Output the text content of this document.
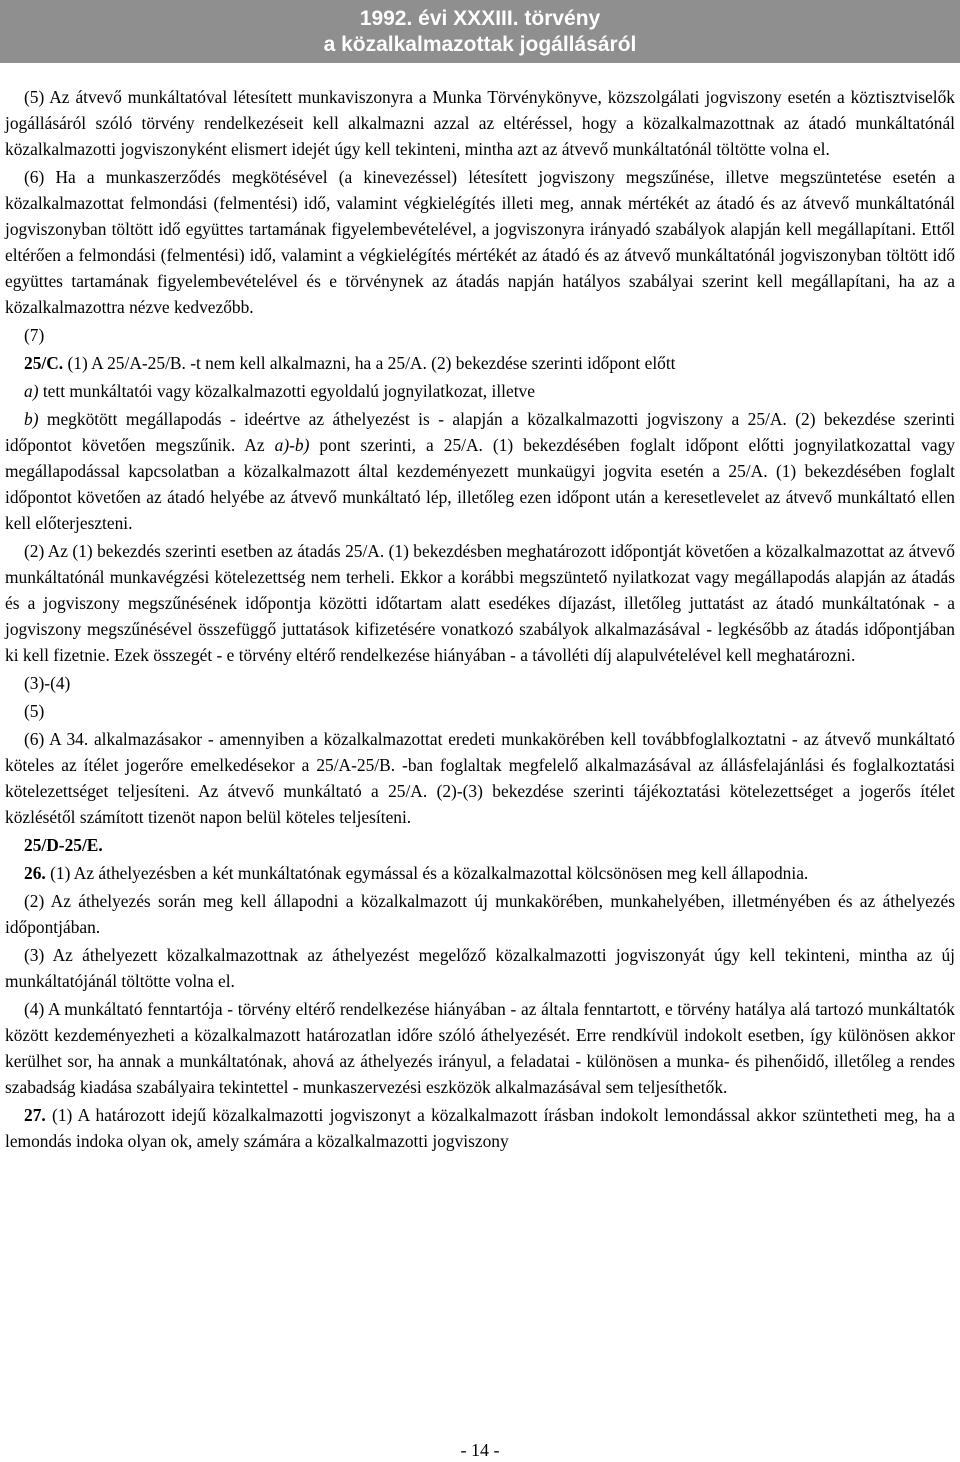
1992. évi XXXIII. törvény
a közalkalmazottak jogállásáról

(5) Az átvevő munkáltatóval létesített munkaviszonyra a Munka Törvénykönyve, közszolgálati jogviszony esetén a köztisztviselők jogállásáról szóló törvény rendelkezéseit kell alkalmazni azzal az eltéréssel, hogy a közalkalmazottnak az átadó munkáltatónál közalkalmazotti jogviszonyként elismert idejét úgy kell tekinteni, mintha azt az átvevő munkáltatónál töltötte volna el.

(6) Ha a munkaszerződés megkötésével (a kinevezéssel) létesített jogviszony megszűnése, illetve megszüntetése esetén a közalkalmazottat felmondási (felmentési) idő, valamint végkielégítés illeti meg, annak mértékét az átadó és az átvevő munkáltatónál jogviszonyban töltött idő együttes tartamának figyelembevételével, a jogviszonyra irányadó szabályok alapján kell megállapítani. Ettől eltérően a felmondási (felmentési) idő, valamint a végkielégítés mértékét az átadó és az átvevő munkáltatónál jogviszonyban töltött idő együttes tartamának figyelembevételével és e törvénynek az átadás napján hatályos szabályai szerint kell megállapítani, ha az a közalkalmazottra nézve kedvezőbb.

(7)

25/C. (1) A 25/A-25/B. -t nem kell alkalmazni, ha a 25/A. (2) bekezdése szerinti időpont előtt

a) tett munkáltatói vagy közalkalmazotti egyoldalú jognyilatkozat, illetve

b) megkötött megállapodás - ideértve az áthelyezést is - alapján a közalkalmazotti jogviszony a 25/A. (2) bekezdése szerinti időpontot követően megszűnik. Az a)-b) pont szerinti, a 25/A. (1) bekezdésében foglalt időpont előtti jognyilatkozattal vagy megállapodással kapcsolatban a közalkalmazott által kezdeményezett munkaügyi jogvita esetén a 25/A. (1) bekezdésében foglalt időpontot követően az átadó helyébe az átvevő munkáltató lép, illetőleg ezen időpont után a keresetlevelet az átvevő munkáltató ellen kell előterjeszteni.

(2) Az (1) bekezdés szerinti esetben az átadás 25/A. (1) bekezdésben meghatározott időpontját követően a közalkalmazottat az átvevő munkáltatónál munkavégzési kötelezettség nem terheli. Ekkor a korábbi megszüntető nyilatkozat vagy megállapodás alapján az átadás és a jogviszony megszűnésének időpontja közötti időtartam alatt esedékes díjazást, illetőleg juttatást az átadó munkáltatónak - a jogviszony megszűnésével összefüggő juttatások kifizetésére vonatkozó szabályok alkalmazásával - legkésőbb az átadás időpontjában ki kell fizetnie. Ezek összegét - e törvény eltérő rendelkezése hiányában - a távolléti díj alapulvételével kell meghatározni.

(3)-(4)

(5)

(6) A 34. alkalmazásakor - amennyiben a közalkalmazottat eredeti munkakörében kell továbbfoglalkoztatni - az átvevő munkáltató köteles az ítélet jogerőre emelkedésekor a 25/A-25/B. -ban foglaltak megfelelő alkalmazásával az állásfelajánlási és foglalkoztatási kötelezettséget teljesíteni. Az átvevő munkáltató a 25/A. (2)-(3) bekezdése szerinti tájékoztatási kötelezettséget a jogerős ítélet közlésétől számított tizenöt napon belül köteles teljesíteni.

25/D-25/E.

26. (1) Az áthelyezésben a két munkáltatónak egymással és a közalkalmazottal kölcsönösen meg kell állapodnia.

(2) Az áthelyezés során meg kell állapodni a közalkalmazott új munkakörében, munkahelyében, illetményében és az áthelyezés időpontjában.

(3) Az áthelyezett közalkalmazottnak az áthelyezést megelőző közalkalmazotti jogviszonyát úgy kell tekinteni, mintha az új munkáltatójánál töltötte volna el.

(4) A munkáltató fenntartója - törvény eltérő rendelkezése hiányában - az általa fenntartott, e törvény hatálya alá tartozó munkáltatók között kezdeményezheti a közalkalmazott határozatlan időre szóló áthelyezését. Erre rendkívül indokolt esetben, így különösen akkor kerülhet sor, ha annak a munkáltatónak, ahová az áthelyezés irányul, a feladatai - különösen a munka- és pihenőidő, illetőleg a rendes szabadság kiadása szabályaira tekintettel - munkaszervezési eszközök alkalmazásával sem teljesíthetők.

27. (1) A határozott idejű közalkalmazotti jogviszonyt a közalkalmazott írásban indokolt lemondással akkor szüntetheti meg, ha a lemondás indoka olyan ok, amely számára a közalkalmazotti jogviszony

- 14 -
